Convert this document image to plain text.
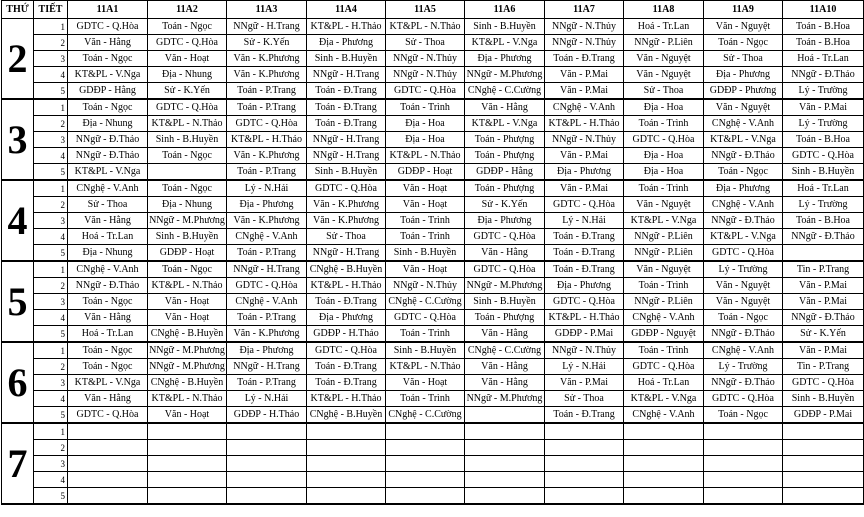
THỨ	TIẾT	11A1	11A2	11A3	11A4	11A5	11A6	11A7	11A8	11A9	11A10
2	1	GDTC - Q.Hòa	Toán - Ngọc	NNgữ - H.Trang	KT&PL - H.Thảo	KT&PL - N.Thảo	Sinh - B.Huyền	NNgữ - N.Thủy	Hoá - Tr.Lan	Văn - Nguyệt	Toán - B.Hoa
	2	Văn - Hằng	GDTC - Q.Hòa	Sử - K.Yến	Địa - Phương	Sử - Thoa	KT&PL - V.Nga	NNgữ - N.Thủy	NNgữ - P.Liên	Toán - Ngọc	Toán - B.Hoa
	3	Toán - Ngọc	Văn - Hoạt	Văn - K.Phương	Sinh - B.Huyền	NNgữ - N.Thủy	Địa - Phương	Toán - Đ.Trang	Văn - Nguyệt	Sử - Thoa	Hoá - Tr.Lan
	4	KT&PL - V.Nga	Địa - Nhung	Văn - K.Phương	NNgữ - H.Trang	NNgữ - N.Thủy	NNgữ - M.Phương	Văn - P.Mai	Văn - Nguyệt	Địa - Phương	NNgữ - Đ.Thảo
	5	GDĐP - Hằng	Sử - K.Yến	Toán - P.Trang	Toán - Đ.Trang	GDTC - Q.Hòa	CNghệ - C.Cường	Văn - P.Mai	Sử - Thoa	GDĐP - Phương	Lý - Trường
3	1	Toán - Ngọc	GDTC - Q.Hòa	Toán - P.Trang	Toán - Đ.Trang	Toán - Trình	Văn - Hằng	CNghệ - V.Anh	Địa - Hoa	Văn - Nguyệt	Văn - P.Mai
	2	Địa - Nhung	KT&PL - N.Thảo	GDTC - Q.Hòa	Toán - Đ.Trang	Địa - Hoa	KT&PL - V.Nga	KT&PL - H.Thảo	Toán - Trình	CNghệ - V.Anh	Lý - Trường
	3	NNgữ - Đ.Thảo	Sinh - B.Huyền	KT&PL - H.Thảo	NNgữ - H.Trang	Địa - Hoa	Toán - Phượng	NNgữ - N.Thủy	GDTC - Q.Hòa	KT&PL - V.Nga	Toán - B.Hoa
	4	NNgữ - Đ.Thảo	Toán - Ngọc	Văn - K.Phương	NNgữ - H.Trang	KT&PL - N.Thảo	Toán - Phượng	Văn - P.Mai	Địa - Hoa	NNgữ - Đ.Thảo	GDTC - Q.Hòa
	5	KT&PL - V.Nga		Toán - P.Trang	Sinh - B.Huyền	GDĐP - Hoạt	GDĐP - Hằng	Địa - Phương	Địa - Hoa	Toán - Ngọc	Sinh - B.Huyền
4	1	CNghệ - V.Anh	Toán - Ngọc	Lý - N.Hải	GDTC - Q.Hòa	Văn - Hoạt	Toán - Phượng	Văn - P.Mai	Toán - Trình	Địa - Phương	Hoá - Tr.Lan
	2	Sử - Thoa	Địa - Nhung	Địa - Phương	Văn - K.Phương	Văn - Hoạt	Sử - K.Yến	GDTC - Q.Hòa	Văn - Nguyệt	CNghệ - V.Anh	Lý - Trường
	3	Văn - Hằng	NNgữ - M.Phương	Văn - K.Phương	Văn - K.Phương	Toán - Trình	Địa - Phương	Lý - N.Hải	KT&PL - V.Nga	NNgữ - Đ.Thảo	Toán - B.Hoa
	4	Hoá - Tr.Lan	Sinh - B.Huyền	CNghệ - V.Anh	Sử - Thoa	Toán - Trình	GDTC - Q.Hòa	Toán - Đ.Trang	NNgữ - P.Liên	KT&PL - V.Nga	NNgữ - Đ.Thảo
	5	Địa - Nhung	GDĐP - Hoạt	Toán - P.Trang	NNgữ - H.Trang	Sinh - B.Huyền	Văn - Hằng	Toán - Đ.Trang	NNgữ - P.Liên	GDTC - Q.Hòa	
5	1	CNghệ - V.Anh	Toán - Ngọc	NNgữ - H.Trang	CNghệ - B.Huyền	Văn - Hoạt	GDTC - Q.Hòa	Toán - Đ.Trang	Văn - Nguyệt	Lý - Trường	Tin - P.Trang
	2	NNgữ - Đ.Thảo	KT&PL - N.Thảo	GDTC - Q.Hòa	KT&PL - H.Thảo	NNgữ - N.Thủy	NNgữ - M.Phương	Địa - Phương	Toán - Trình	Văn - Nguyệt	Văn - P.Mai
	3	Toán - Ngọc	Văn - Hoạt	CNghệ - V.Anh	Toán - Đ.Trang	CNghệ - C.Cường	Sinh - B.Huyền	GDTC - Q.Hòa	NNgữ - P.Liên	Văn - Nguyệt	Văn - P.Mai
	4	Văn - Hằng	Văn - Hoạt	Toán - P.Trang	Địa - Phương	GDTC - Q.Hòa	Toán - Phượng	KT&PL - H.Thảo	CNghệ - V.Anh	Toán - Ngọc	NNgữ - Đ.Thảo
	5	Hoá - Tr.Lan	CNghệ - B.Huyền	Văn - K.Phương	GDĐP - H.Thảo	Toán - Trình	Văn - Hằng	GDĐP - P.Mai	GDĐP - Nguyệt	NNgữ - Đ.Thảo	Sử - K.Yến
6	1	Toán - Ngọc	NNgữ - M.Phương	Địa - Phương	GDTC - Q.Hòa	Sinh - B.Huyền	CNghệ - C.Cường	NNgữ - N.Thủy	Toán - Trình	CNghệ - V.Anh	Văn - P.Mai
	2	Toán - Ngọc	NNgữ - M.Phương	NNgữ - H.Trang	Toán - Đ.Trang	KT&PL - N.Thảo	Văn - Hằng	Lý - N.Hải	GDTC - Q.Hòa	Lý - Trường	Tin - P.Trang
	3	KT&PL - V.Nga	CNghệ - B.Huyền	Toán - P.Trang	Toán - Đ.Trang	Văn - Hoạt	Văn - Hằng	Văn - P.Mai	Hoá - Tr.Lan	NNgữ - Đ.Thảo	GDTC - Q.Hòa
	4	Văn - Hằng	KT&PL - N.Thảo	Lý - N.Hải	KT&PL - H.Thảo	Toán - Trình	NNgữ - M.Phương	Sử - Thoa	KT&PL - V.Nga	GDTC - Q.Hòa	Sinh - B.Huyền
	5	GDTC - Q.Hòa	Văn - Hoạt	GDĐP - H.Thảo	CNghệ - B.Huyền	CNghệ - C.Cường		Toán - Đ.Trang	CNghệ - V.Anh	Toán - Ngọc	GDĐP - P.Mai
7	1										
	2										
	3										
	4										
	5										
